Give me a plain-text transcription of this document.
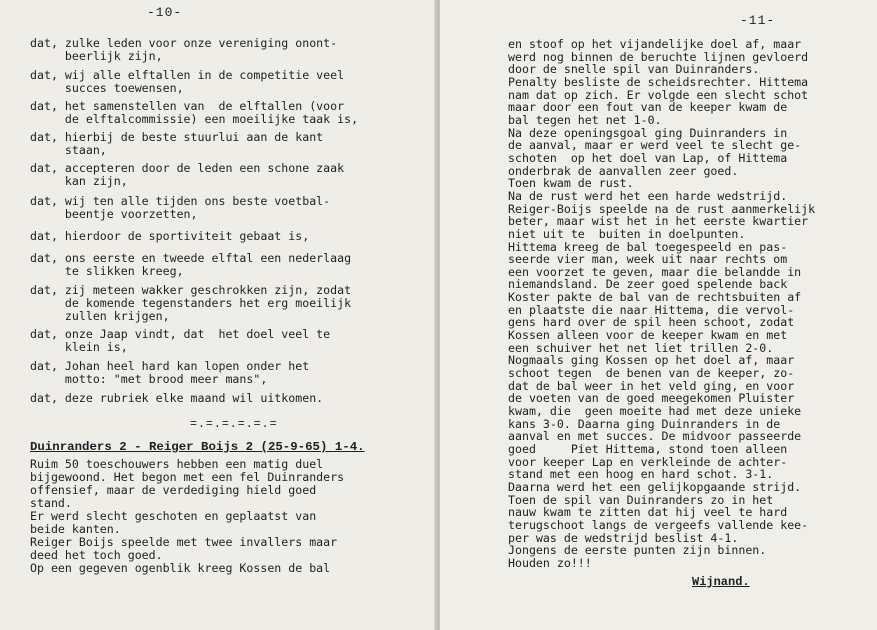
-10-
dat, zulke leden voor onze vereniging onont-
beerlijk zijn,
dat, wij alle elftallen in de competitie veel
succes toewensen,
dat, het samenstellen van  de elftallen (voor
de elftalcommissie) een moeilijke taak is,
dat, hierbij de beste stuurlui aan de kant
staan,
dat, accepteren door de leden een schone zaak
kan zijn,
dat, wij ten alle tijden ons beste voetbal-
beentje voorzetten,
dat, hierdoor de sportiviteit gebaat is,
dat, ons eerste en tweede elftal een nederlaag
te slikken kreeg,
dat, zij meteen wakker geschrokken zijn, zodat
de komende tegenstanders het erg moeilijk
zullen krijgen,
dat, onze Jaap vindt, dat  het doel veel te
klein is,
dat, Johan heel hard kan lopen onder het
motto: "met brood meer mans",
dat, deze rubriek elke maand wil uitkomen.
=.=.=.=.=.=
Duinranders 2 - Reiger Boijs 2 (25-9-65) 1-4.
Ruim 50 toeschouwers hebben een matig duel
bijgewoond. Het begon met een fel Duinranders
offensief, maar de verdediging hield goed
stand.
Er werd slecht geschoten en geplaatst van
beide kanten.
Reiger Boijs speelde met twee invallers maar
deed het toch goed.
Op een gegeven ogenblik kreeg Kossen de bal
-11-
en stoof op het vijandelijke doel af, maar
werd nog binnen de beruchte lijnen gevloerd
door de snelle spil van Duinranders.
Penalty besliste de scheidsrechter. Hittema
nam dat op zich. Er volgde een slecht schot
maar door een fout van de keeper kwam de
bal tegen het net 1-0.
Na deze openingsgoal ging Duinranders in
de aanval, maar er werd veel te slecht ge-
schoten  op het doel van Lap, of Hittema
onderbrak de aanvallen zeer goed.
Toen kwam de rust.
Na de rust werd het een harde wedstrijd.
Reiger-Boijs speelde na de rust aanmerkelijk
beter, maar wist het in het eerste kwartier
niet uit te  buiten in doelpunten.
Hittema kreeg de bal toegespeeld en pas-
seerde vier man, week uit naar rechts om
een voorzet te geven, maar die belandde in
niemandsland. De zeer goed spelende back
Koster pakte de bal van de rechtsbuiten af
en plaatste die naar Hittema, die vervol-
gens hard over de spil heen schoot, zodat
Kossen alleen voor de keeper kwam en met
een schuiver het net liet trillen 2-0.
Nogmaals ging Kossen op het doel af, maar
schoot tegen  de benen van de keeper, zo-
dat de bal weer in het veld ging, en voor
de voeten van de goed meegekomen Pluister
kwam, die  geen moeite had met deze unieke
kans 3-0. Daarna ging Duinranders in de
aanval en met succes. De midvoor passeerde
goed     Piet Hittema, stond toen alleen
voor keeper Lap en verkleinde de achter-
stand met een hoog en hard schot. 3-1.
Daarna werd het een gelijkopgaande strijd.
Toen de spil van Duinranders zo in het
nauw kwam te zitten dat hij veel te hard
terugschoot langs de vergeefs vallende kee-
per was de wedstrijd beslist 4-1.
Jongens de eerste punten zijn binnen.
Houden zo!!!
Wijnand.
